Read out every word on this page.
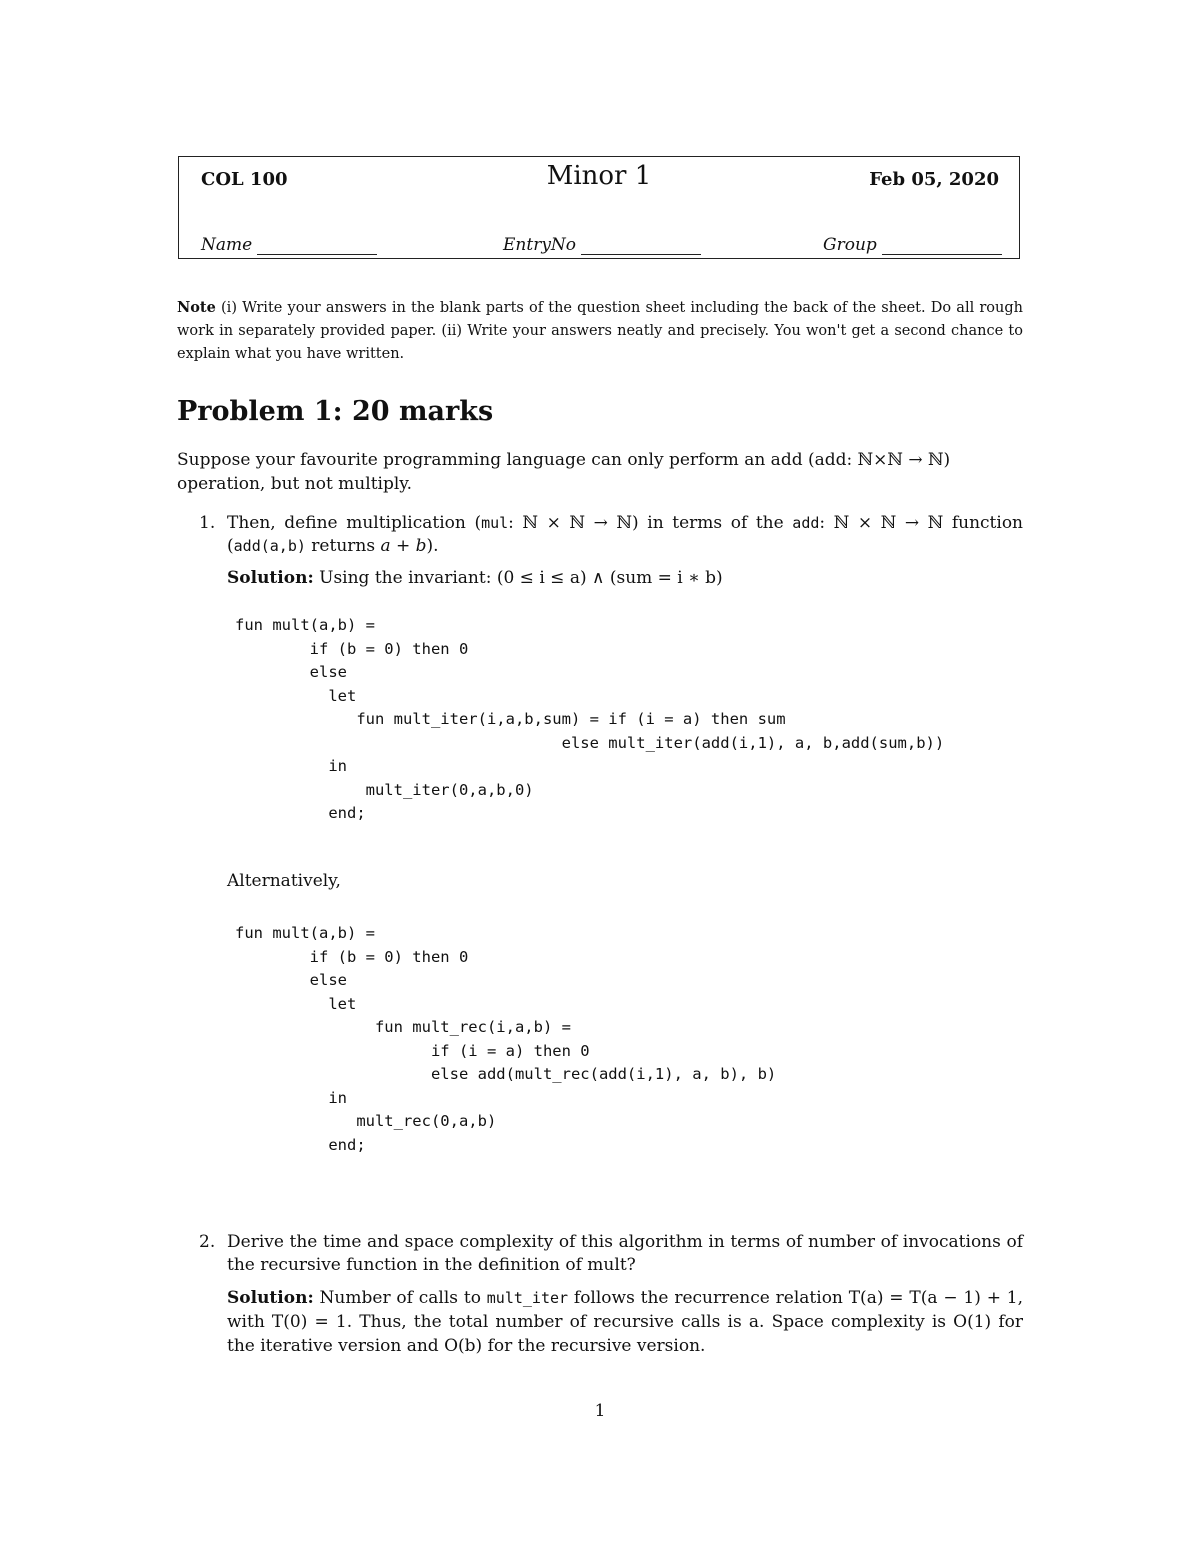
COL 100	Minor 1	Feb 05, 2020
Name	EntryNo	Group
Note (i) Write your answers in the blank parts of the question sheet including the back of the sheet. Do all rough work in separately provided paper. (ii) Write your answers neatly and precisely. You won't get a second chance to explain what you have written.
Problem 1: 20 marks
Suppose your favourite programming language can only perform an add (add: ℕ×ℕ → ℕ) operation, but not multiply.
1. Then, define multiplication (mul: ℕ × ℕ → ℕ) in terms of the add: ℕ × ℕ → ℕ function (add(a,b) returns a + b).
Solution: Using the invariant: (0 ≤ i ≤ a) ∧ (sum = i ∗ b)
fun mult(a,b) =
if (b = 0) then 0
else
let
fun mult_iter(i,a,b,sum) = if (i = a) then sum
else mult_iter(add(i,1), a, b,add(sum,b))
in
mult_iter(0,a,b,0)
end;
Alternatively,
fun mult(a,b) =
if (b = 0) then 0
else
let
fun mult_rec(i,a,b) =
if (i = a) then 0
else add(mult_rec(add(i,1), a, b), b)
in
mult_rec(0,a,b)
end;
2. Derive the time and space complexity of this algorithm in terms of number of invocations of the recursive function in the definition of mult?
Solution: Number of calls to mult_iter follows the recurrence relation T(a) = T(a − 1) + 1, with T(0) = 1. Thus, the total number of recursive calls is a. Space complexity is O(1) for the iterative version and O(b) for the recursive version.
1
